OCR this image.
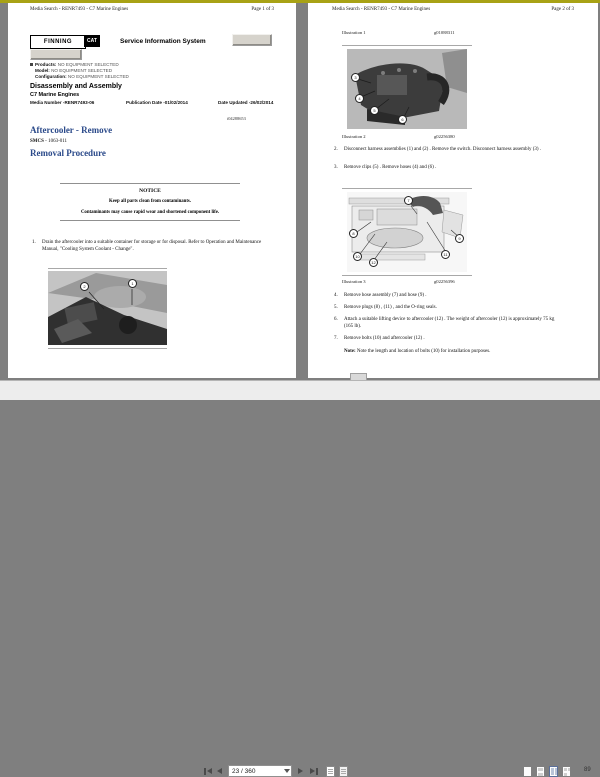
Media Search - RENR7493 - C7 Marine Engines	Page 1 of 3
FINNING	CAT	Service Information System
Products: NO EQUIPMENT SELECTED
Model: NO EQUIPMENT SELECTED
Configuration: NO EQUIPMENT SELECTED
Disassembly and Assembly
C7 Marine Engines
Media Number -RENR7493-06	Publication Date -01/02/2014	Date Updated -26/02/2014
i04288653
Aftercooler - Remove
SMCS - 1063-011
Removal Procedure
NOTICE
Keep all parts clean from contaminants.
Contaminants may cause rapid wear and shortened component life.
1. Drain the aftercooler into a suitable container for storage or for disposal. Refer to Operation and Maintenance Manual, "Cooling System Coolant - Change".
2
1
Media Search - RENR7493 - C7 Marine Engines	Page 2 of 3
Illustration 1	g01088311
3
4
5
6
Illustration 2	g02256380
2. Disconnect harness assemblies (1) and (2) . Remove the switch. Disconnect harness assembly (3) .
3. Remove clips (5) . Remove hoses (4) and (6) .
7
8
9
10	11
12
Illustration 3	g02256396
4. Remove hose assembly (7) and hose (9) .
5. Remove plugs (8) , (11) , and the O-ring seals.
6. Attach a suitable lifting device to aftercooler (12) . The weight of aftercooler (12) is approximately 75 kg (165 lb).
7. Remove bolts (10) and aftercooler (12) .
Note: Note the length and location of bolts (10) for installation purposes.
23 / 360
89
